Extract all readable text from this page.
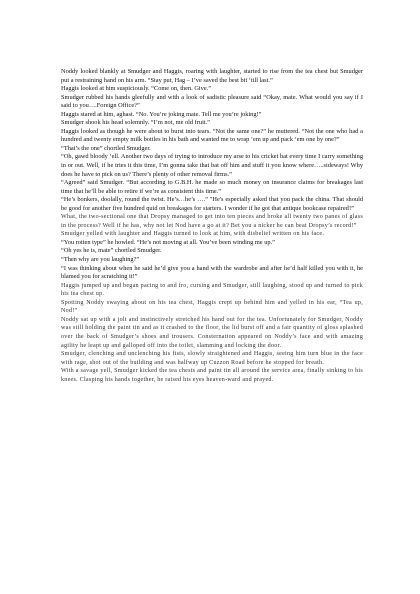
Noddy looked blankly at Smudger and Haggis, roaring with laughter, started to rise from the tea chest but Smudger put a restraining hand on his arm. “Stay put, Hag – I’ve saved the best bit ‘till last.”

Haggis looked at him suspiciously. “Come on, then. Give.”

Smudger rubbed his hands gleefully and with a look of sadistic pleasure said “Okay, mate. What would you say if I said to you….Foreign Office?”

Haggis stared at him, aghast. “No. You’re joking mate. Tell me you’re joking!”

Smudger shook his head solemnly. “I’m not, me old fruit.”

Haggis looked as though he were about to burst into tears. “Not the same one?” he muttered. “Not the one who had a hundred and twenty empty milk bottles in his bath and wanted me to wrap ‘em up and pack ‘em one by one?”

“That’s the one” chortled Smudger.

“Oh, gawd bloody ‘ell. Another two days of trying to introduce my arse to his cricket bat every time I carry something in or out. Well, if he tries it this time, I’m gonna take that bat off him and stuff it you know where…..sideways! Why does he have to pick on us? There’s plenty of other removal firms.”

“Agreed” said Smudger. “But according to G.B.H. he made so much money on insurance claims for breakages last time that he’ll be able to retire if we’re as consistent this time.”

“He’s bonkers, doolally, round the twist. He’s…he’s ….” "He's especially asked that you pack the china. That should be good for another five hundred quid on breakages for starters. I wonder if he got that antique bookcase repaired?"

What, the two-sectional one that Dropsy managed to get into ten pieces and broke all twenty two panes of glass in the process? Well if he has, why not let Nod have a go at it? Bet you a nicker he can beat Dropsy’s record!”

Smudger yelled with laughter and Haggis turned to look at him, with disbelief written on his face.

“You rotten type” he howled. “He’s not moving at all. You’ve been winding me up.”

“Oh yes he is, mate” chortled Smudger.

“Then why are you laughing?”

“I was thinking about when he said he’d give you a hand with the wardrobe and after he’d half killed you with it, he blamed you for scratching it!”

Haggis jumped up and began pacing to and fro, cursing and Smudger, still laughing, stood up and turned to pick his tea chest up.

Spotting Noddy swaying about on his tea chest, Haggis crept up behind him and yelled in his ear, “Tea up, Nod!”

Noddy sat up with a jolt and instinctively stretched his hand out for the tea. Unfortunately for Smudger, Noddy was still holding the paint tin and as it crashed to the floor, the lid burst off and a fair quantity of gloss splashed over the back of Smudger’s shoes and trousers. Consternation appeared on Noddy’s face and with amazing agility he leapt up and galloped off into the toilet, slamming and locking the door.

Smudger, clenching and unclenching his fists, slowly straightened and Haggis, seeing him turn blue in the face with rage, shot out of the building and was halfway up Cuzzon Road before he stopped for breath.

With a savage yell, Smudger kicked the tea chests and paint tin all around the service area, finally sinking to his knees. Clasping his hands together, he raised his eyes heaven-ward and prayed.
